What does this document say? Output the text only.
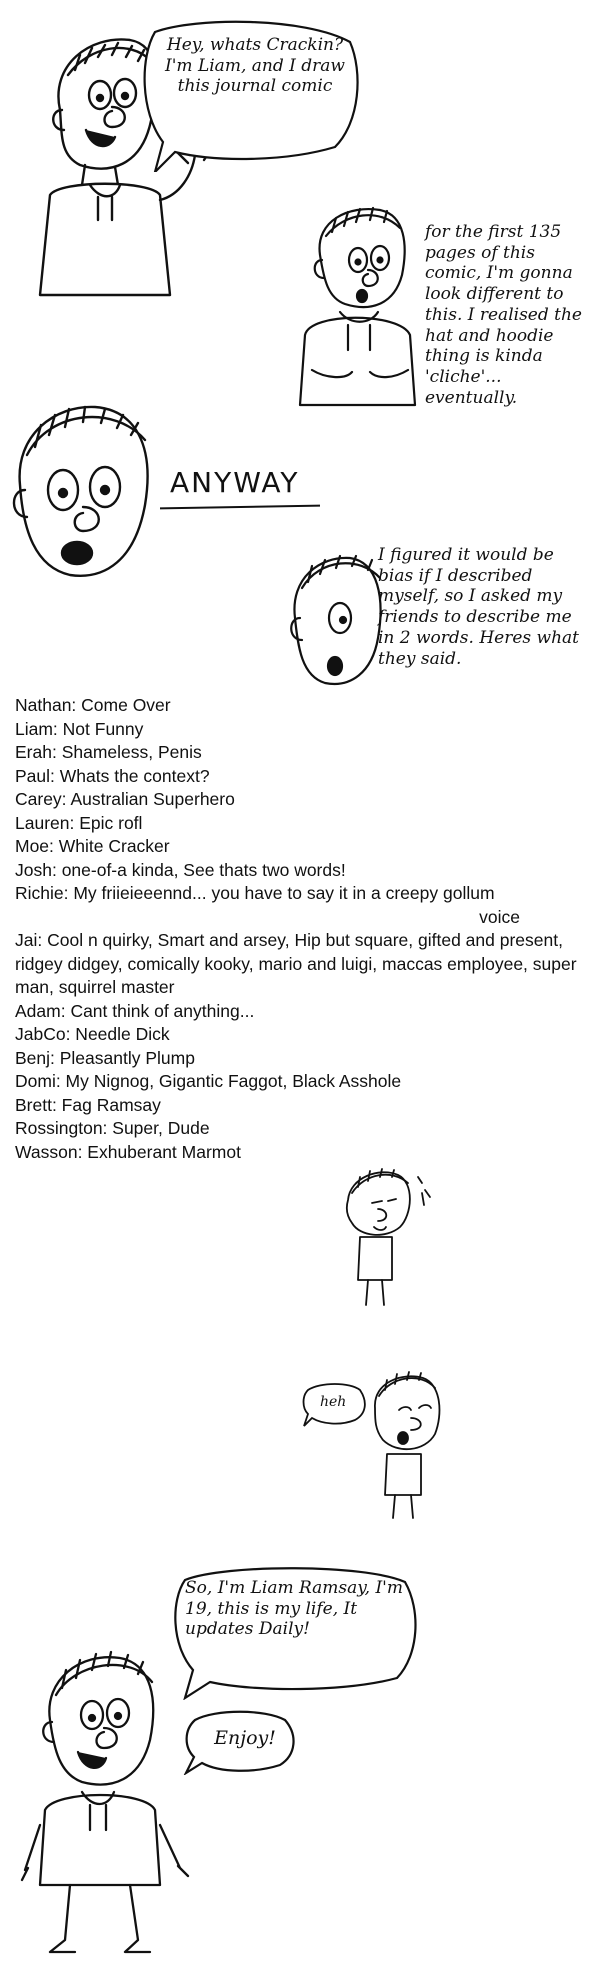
Hey, whats Crackin? I'm Liam, and I draw this journal comic
for the first 135 pages of this comic, I'm gonna look different to this. I realised the hat and hoodie thing is kinda 'cliche'... eventually.
ANYWAY
I figured it would be bias if I described myself, so I asked my friends to describe me in 2 words. Heres what they said.
Nathan: Come Over
Liam: Not Funny
Erah: Shameless, Penis
Paul: Whats the context?
Carey: Australian Superhero
Lauren: Epic rofl
Moe: White Cracker
Josh: one-of-a kinda, See thats two words!
Richie: My friieieeennd... you have to say it in a creepy gollum
voice
Jai: Cool n quirky, Smart and arsey, Hip but square, gifted and present, ridgey didgey, comically kooky, mario and luigi, maccas employee, super man, squirrel master
Adam: Cant think of anything...
JabCo: Needle Dick
Benj: Pleasantly Plump
Domi: My Nignog, Gigantic Faggot, Black Asshole
Brett: Fag Ramsay
Rossington: Super, Dude
Wasson: Exhuberant Marmot
heh
So, I'm Liam Ramsay, I'm 19, this is my life, It updates Daily!
Enjoy!
